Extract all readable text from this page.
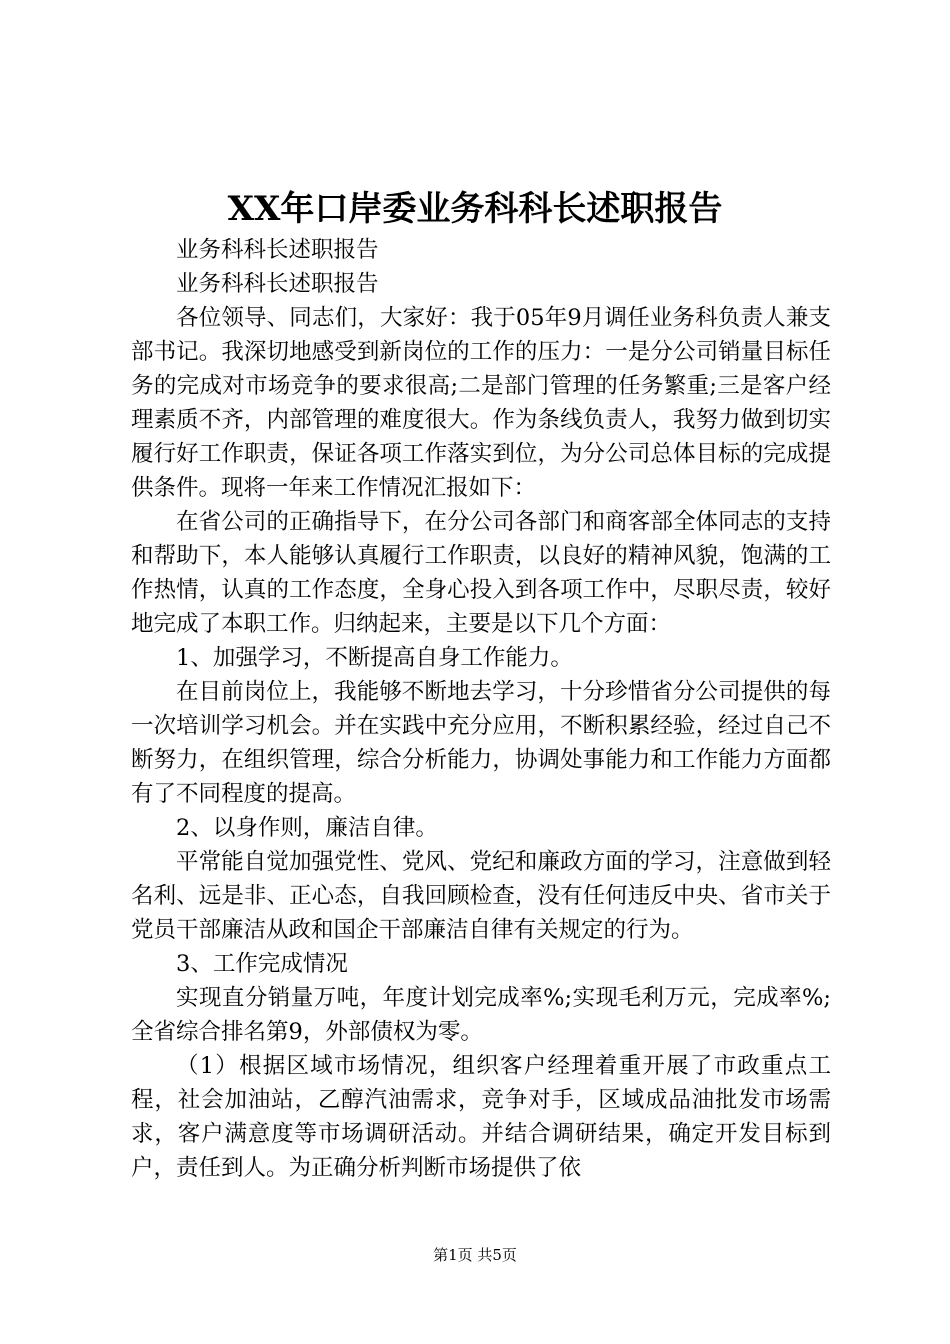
XX年口岸委业务科科长述职报告

业务科科长述职报告

业务科科长述职报告

各位领导、同志们，大家好：我于05年9月调任业务科负责人兼支部书记。我深切地感受到新岗位的工作的压力：一是分公司销量目标任务的完成对市场竞争的要求很高;二是部门管理的任务繁重;三是客户经理素质不齐，内部管理的难度很大。作为条线负责人，我努力做到切实履行好工作职责，保证各项工作落实到位，为分公司总体目标的完成提供条件。现将一年来工作情况汇报如下：

在省公司的正确指导下，在分公司各部门和商客部全体同志的支持和帮助下，本人能够认真履行工作职责，以良好的精神风貌，饱满的工作热情，认真的工作态度，全身心投入到各项工作中，尽职尽责，较好地完成了本职工作。归纳起来，主要是以下几个方面：

1、加强学习，不断提高自身工作能力。

在目前岗位上，我能够不断地去学习，十分珍惜省分公司提供的每一次培训学习机会。并在实践中充分应用，不断积累经验，经过自己不断努力，在组织管理，综合分析能力，协调处事能力和工作能力方面都有了不同程度的提高。

2、以身作则，廉洁自律。

平常能自觉加强党性、党风、党纪和廉政方面的学习，注意做到轻名利、远是非、正心态，自我回顾检查，没有任何违反中央、省市关于党员干部廉洁从政和国企干部廉洁自律有关规定的行为。

3、工作完成情况

实现直分销量万吨，年度计划完成率%;实现毛利万元，完成率%;全省综合排名第9，外部债权为零。

（1）根据区域市场情况，组织客户经理着重开展了市政重点工程，社会加油站，乙醇汽油需求，竞争对手，区域成品油批发市场需求，客户满意度等市场调研活动。并结合调研结果，确定开发目标到户，责任到人。为正确分析判断市场提供了依

第1页 共5页
